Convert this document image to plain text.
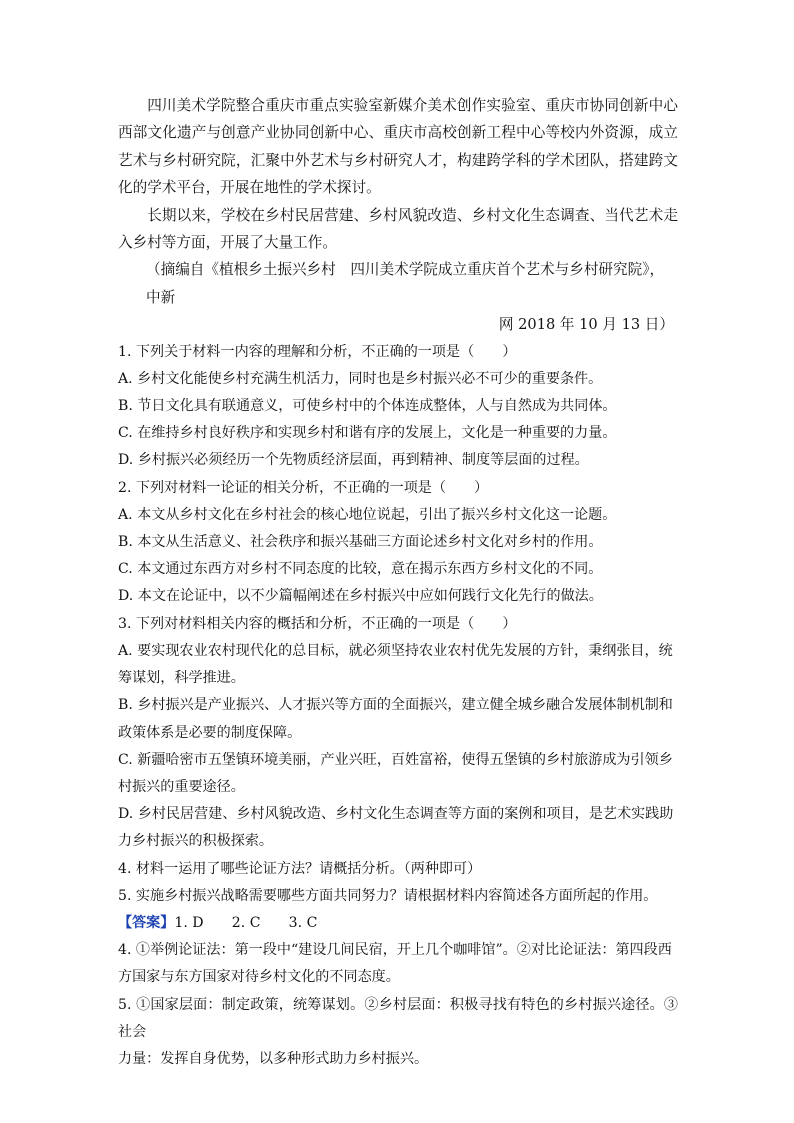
四川美术学院整合重庆市重点实验室新媒介美术创作实验室、重庆市协同创新中心西部文化遗产与创意产业协同创新中心、重庆市高校创新工程中心等校内外资源，成立艺术与乡村研究院，汇聚中外艺术与乡村研究人才，构建跨学科的学术团队，搭建跨文化的学术平台，开展在地性的学术探讨。

长期以来，学校在乡村民居营建、乡村风貌改造、乡村文化生态调查、当代艺术走入乡村等方面，开展了大量工作。

（摘编自《植根乡土振兴乡村　四川美术学院成立重庆首个艺术与乡村研究院》，中新
网 2018 年 10 月 13 日）

1. 下列关于材料一内容的理解和分析，不正确的一项是（　　）

A. 乡村文化能使乡村充满生机活力，同时也是乡村振兴必不可少的重要条件。

B. 节日文化具有联通意义，可使乡村中的个体连成整体，人与自然成为共同体。

C. 在维持乡村良好秩序和实现乡村和谐有序的发展上，文化是一种重要的力量。

D. 乡村振兴必须经历一个先物质经济层面，再到精神、制度等层面的过程。

2. 下列对材料一论证的相关分析，不正确的一项是（　　）

A. 本文从乡村文化在乡村社会的核心地位说起，引出了振兴乡村文化这一论题。

B. 本文从生活意义、社会秩序和振兴基础三方面论述乡村文化对乡村的作用。

C. 本文通过东西方对乡村不同态度的比较，意在揭示东西方乡村文化的不同。

D. 本文在论证中，以不少篇幅阐述在乡村振兴中应如何践行文化先行的做法。

3. 下列对材料相关内容的概括和分析，不正确的一项是（　　）

A. 要实现农业农村现代化的总目标，就必须坚持农业农村优先发展的方针，秉纲张目，统

筹谋划，科学推进。

B. 乡村振兴是产业振兴、人才振兴等方面的全面振兴，建立健全城乡融合发展体制机制和

政策体系是必要的制度保障。

C. 新疆哈密市五堡镇环境美丽，产业兴旺，百姓富裕，使得五堡镇的乡村旅游成为引领乡

村振兴的重要途径。

D. 乡村民居营建、乡村风貌改造、乡村文化生态调查等方面的案例和项目，是艺术实践助

力乡村振兴的积极探索。

4. 材料一运用了哪些论证方法？请概括分析。（两种即可）

5. 实施乡村振兴战略需要哪些方面共同努力？请根据材料内容简述各方面所起的作用。

【答案】1. D　　2. C　　3. C

4. ①举例论证法：第一段中“建设几间民宿，开上几个咖啡馆”。②对比论证法：第四段西

方国家与东方国家对待乡村文化的不同态度。

5. ①国家层面：制定政策，统筹谋划。②乡村层面：积极寻找有特色的乡村振兴途径。③社会

力量：发挥自身优势，以多种形式助力乡村振兴。
